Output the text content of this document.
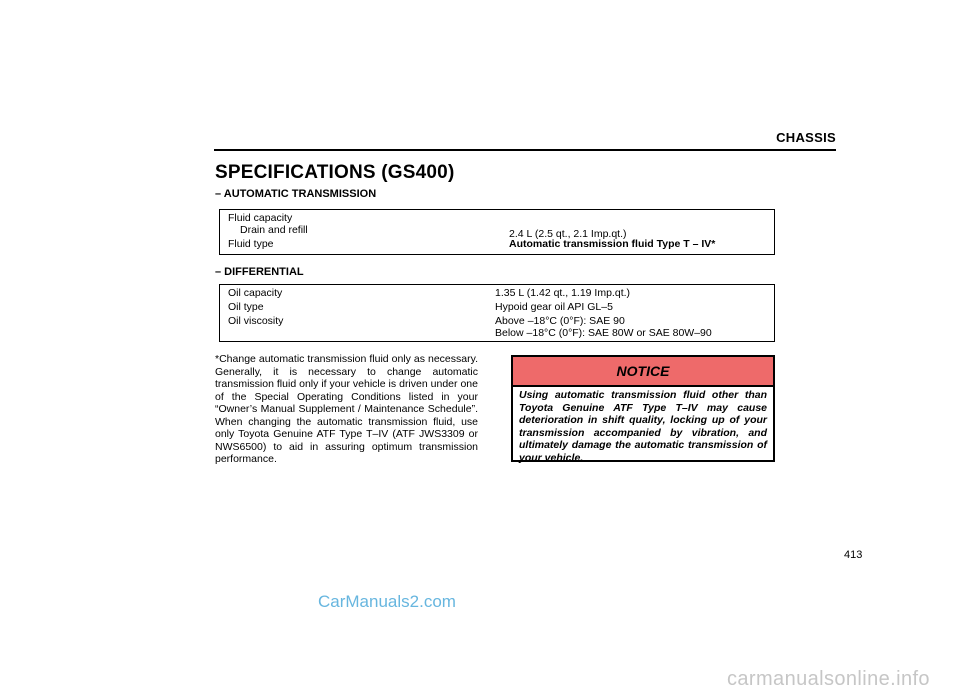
CHASSIS
SPECIFICATIONS (GS400)
– AUTOMATIC TRANSMISSION
Fluid capacity
Drain and refill	2.4 L (2.5 qt., 2.1 Imp.qt.)
Fluid type	Automatic transmission fluid Type T – IV*
– DIFFERENTIAL
Oil capacity	1.35 L (1.42 qt., 1.19 Imp.qt.)
Oil type	Hypoid gear oil API GL–5
Oil viscosity	Above –18°C (0°F): SAE 90
Below –18°C (0°F): SAE 80W or SAE 80W–90
*Change automatic transmission fluid only as necessary. Generally, it is necessary to change automatic transmission fluid only if your vehicle is driven under one of the Special Operating Conditions listed in your “Owner’s Manual Supplement / Maintenance Schedule”. When changing the automatic transmission fluid, use only Toyota Genuine ATF Type T–IV (ATF JWS3309 or NWS6500) to aid in assuring optimum transmission performance.
NOTICE
Using automatic transmission fluid other than Toyota Genuine ATF Type T–IV may cause deterioration in shift quality, locking up of your transmission accompanied by vibration, and ultimately damage the automatic transmission of your vehicle.
413
CarManuals2.com
carmanualsonline.info
